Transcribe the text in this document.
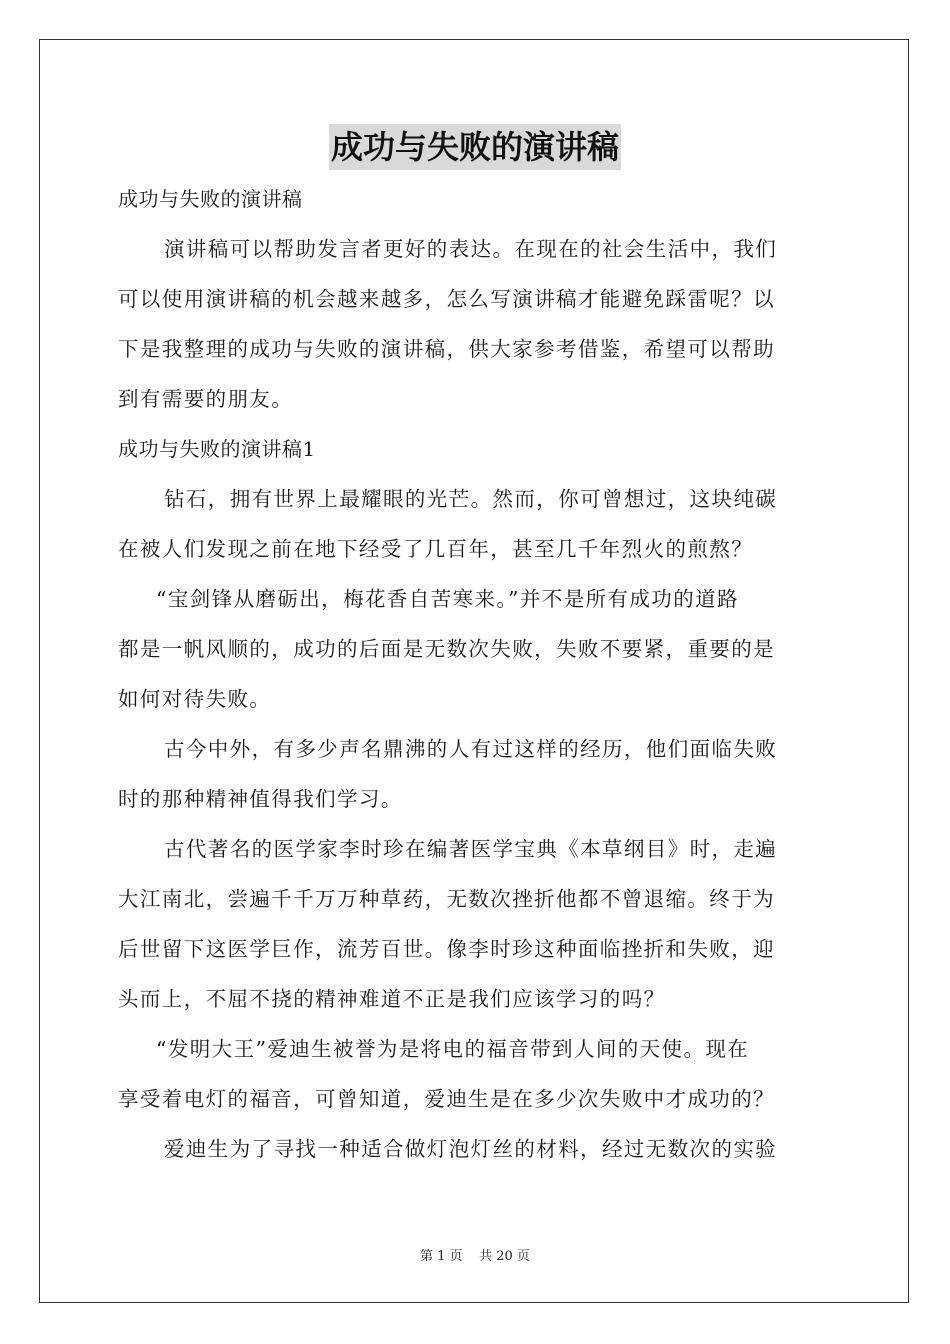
成功与失败的演讲稿
成功与失败的演讲稿
演讲稿可以帮助发言者更好的表达。在现在的社会生活中，我们
可以使用演讲稿的机会越来越多，怎么写演讲稿才能避免踩雷呢？以
下是我整理的成功与失败的演讲稿，供大家参考借鉴，希望可以帮助
到有需要的朋友。
成功与失败的演讲稿1
钻石，拥有世界上最耀眼的光芒。然而，你可曾想过，这块纯碳
在被人们发现之前在地下经受了几百年，甚至几千年烈火的煎熬？
“宝剑锋从磨砺出，梅花香自苦寒来。”并不是所有成功的道路
都是一帆风顺的，成功的后面是无数次失败，失败不要紧，重要的是
如何对待失败。
古今中外，有多少声名鼎沸的人有过这样的经历，他们面临失败
时的那种精神值得我们学习。
古代著名的医学家李时珍在编著医学宝典《本草纲目》时，走遍
大江南北，尝遍千千万万种草药，无数次挫折他都不曾退缩。终于为
后世留下这医学巨作，流芳百世。像李时珍这种面临挫折和失败，迎
头而上，不屈不挠的精神难道不正是我们应该学习的吗？
“发明大王”爱迪生被誉为是将电的福音带到人间的天使。现在
享受着电灯的福音，可曾知道，爱迪生是在多少次失败中才成功的？
爱迪生为了寻找一种适合做灯泡灯丝的材料，经过无数次的实验
第 1 页    共 20 页
